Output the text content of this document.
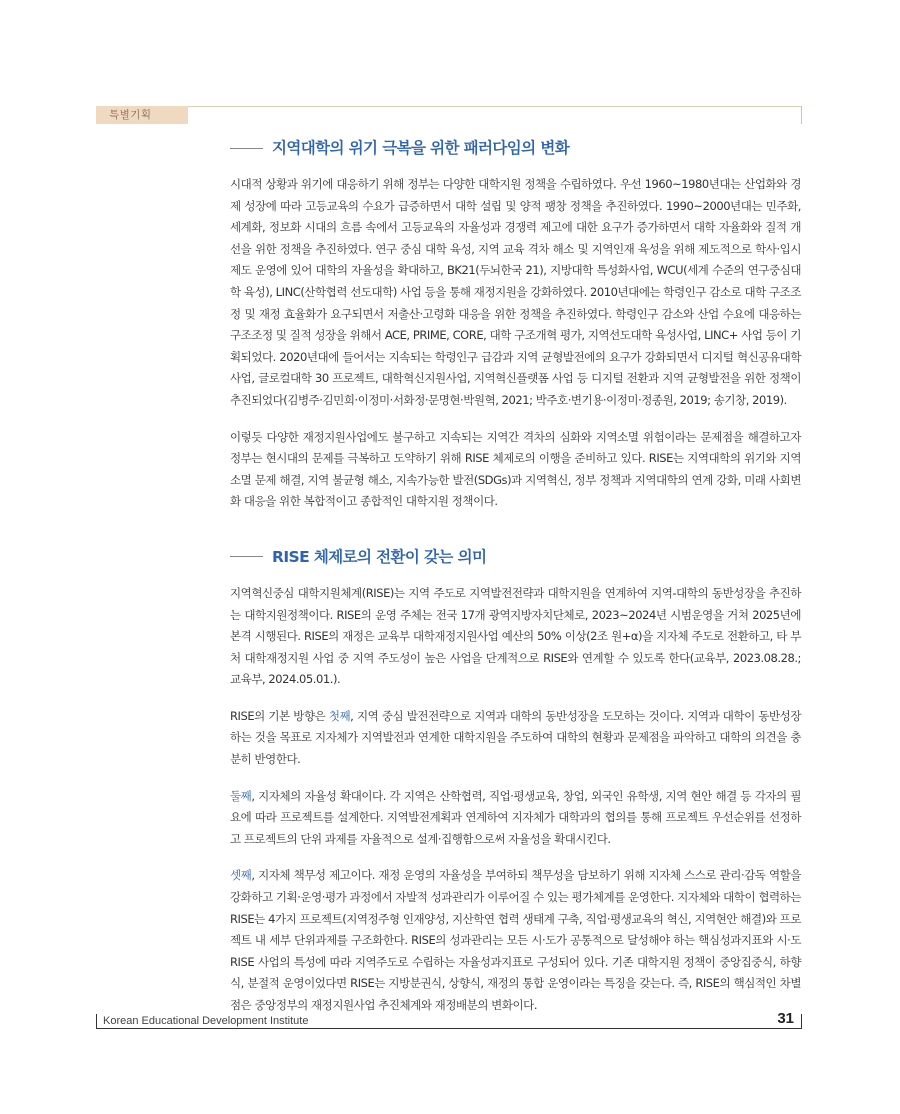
특별기획
지역대학의 위기 극복을 위한 패러다임의 변화

시대적 상황과 위기에 대응하기 위해 정부는 다양한 대학지원 정책을 수립하였다. 우선 1960~1980년대는 산업화와 경제 성장에 따라 고등교육의 수요가 급증하면서 대학 설립 및 양적 팽창 정책을 추진하였다. 1990~2000년대는 민주화, 세계화, 정보화 시대의 흐름 속에서 고등교육의 자율성과 경쟁력 제고에 대한 요구가 증가하면서 대학 자율화와 질적 개선을 위한 정책을 추진하였다. 연구 중심 대학 육성, 지역 교육 격차 해소 및 지역인재 육성을 위해 제도적으로 학사·입시제도 운영에 있어 대학의 자율성을 확대하고, BK21(두뇌한국 21), 지방대학 특성화사업, WCU(세계 수준의 연구중심대학 육성), LINC(산학협력 선도대학) 사업 등을 통해 재정지원을 강화하였다. 2010년대에는 학령인구 감소로 대학 구조조정 및 재정 효율화가 요구되면서 저출산·고령화 대응을 위한 정책을 추진하였다. 학령인구 감소와 산업 수요에 대응하는 구조조정 및 질적 성장을 위해서 ACE, PRIME, CORE, 대학 구조개혁 평가, 지역선도대학 육성사업, LINC+ 사업 등이 기획되었다. 2020년대에 들어서는 지속되는 학령인구 급감과 지역 균형발전에의 요구가 강화되면서 디지털 혁신공유대학 사업, 글로컬대학 30 프로젝트, 대학혁신지원사업, 지역혁신플랫폼 사업 등 디지털 전환과 지역 균형발전을 위한 정책이 추진되었다(김병주·김민희·이정미·서화정·문명현·박원혁, 2021; 박주호·변기용·이정미·정종원, 2019; 송기창, 2019).

이렇듯 다양한 재정지원사업에도 불구하고 지속되는 지역간 격차의 심화와 지역소멸 위험이라는 문제점을 해결하고자 정부는 현시대의 문제를 극복하고 도약하기 위해 RISE 체제로의 이행을 준비하고 있다. RISE는 지역대학의 위기와 지역소멸 문제 해결, 지역 불균형 해소, 지속가능한 발전(SDGs)과 지역혁신, 정부 정책과 지역대학의 연계 강화, 미래 사회변화 대응을 위한 복합적이고 종합적인 대학지원 정책이다.

RISE 체제로의 전환이 갖는 의미

지역혁신중심 대학지원체계(RISE)는 지역 주도로 지역발전전략과 대학지원을 연계하여 지역-대학의 동반성장을 추진하는 대학지원정책이다. RISE의 운영 주체는 전국 17개 광역지방자치단체로, 2023~2024년 시범운영을 거쳐 2025년에 본격 시행된다. RISE의 재정은 교육부 대학재정지원사업 예산의 50% 이상(2조 원+α)을 지자체 주도로 전환하고, 타 부처 대학재정지원 사업 중 지역 주도성이 높은 사업을 단계적으로 RISE와 연계할 수 있도록 한다(교육부, 2023.08.28.; 교육부, 2024.05.01.).

RISE의 기본 방향은 첫째, 지역 중심 발전전략으로 지역과 대학의 동반성장을 도모하는 것이다. 지역과 대학이 동반성장하는 것을 목표로 지자체가 지역발전과 연계한 대학지원을 주도하여 대학의 현황과 문제점을 파악하고 대학의 의견을 충분히 반영한다.

둘째, 지자체의 자율성 확대이다. 각 지역은 산학협력, 직업·평생교육, 창업, 외국인 유학생, 지역 현안 해결 등 각자의 필요에 따라 프로젝트를 설계한다. 지역발전계획과 연계하여 지자체가 대학과의 협의를 통해 프로젝트 우선순위를 선정하고 프로젝트의 단위 과제를 자율적으로 설계·집행함으로써 자율성을 확대시킨다.

셋째, 지자체 책무성 제고이다. 재정 운영의 자율성을 부여하되 책무성을 담보하기 위해 지자체 스스로 관리·감독 역할을 강화하고 기획·운영·평가 과정에서 자발적 성과관리가 이루어질 수 있는 평가체계를 운영한다. 지자체와 대학이 협력하는 RISE는 4가지 프로젝트(지역정주형 인재양성, 지산학연 협력 생태계 구축, 직업·평생교육의 혁신, 지역현안 해결)와 프로젝트 내 세부 단위과제를 구조화한다. RISE의 성과관리는 모든 시·도가 공통적으로 달성해야 하는 핵심성과지표와 시·도 RISE 사업의 특성에 따라 지역주도로 수립하는 자율성과지표로 구성되어 있다. 기존 대학지원 정책이 중앙집중식, 하향식, 분절적 운영이었다면 RISE는 지방분권식, 상향식, 재정의 통합 운영이라는 특징을 갖는다. 즉, RISE의 핵심적인 차별점은 중앙정부의 재정지원사업 추진체계와 재정배분의 변화이다.

Korean Educational Development Institute	31
